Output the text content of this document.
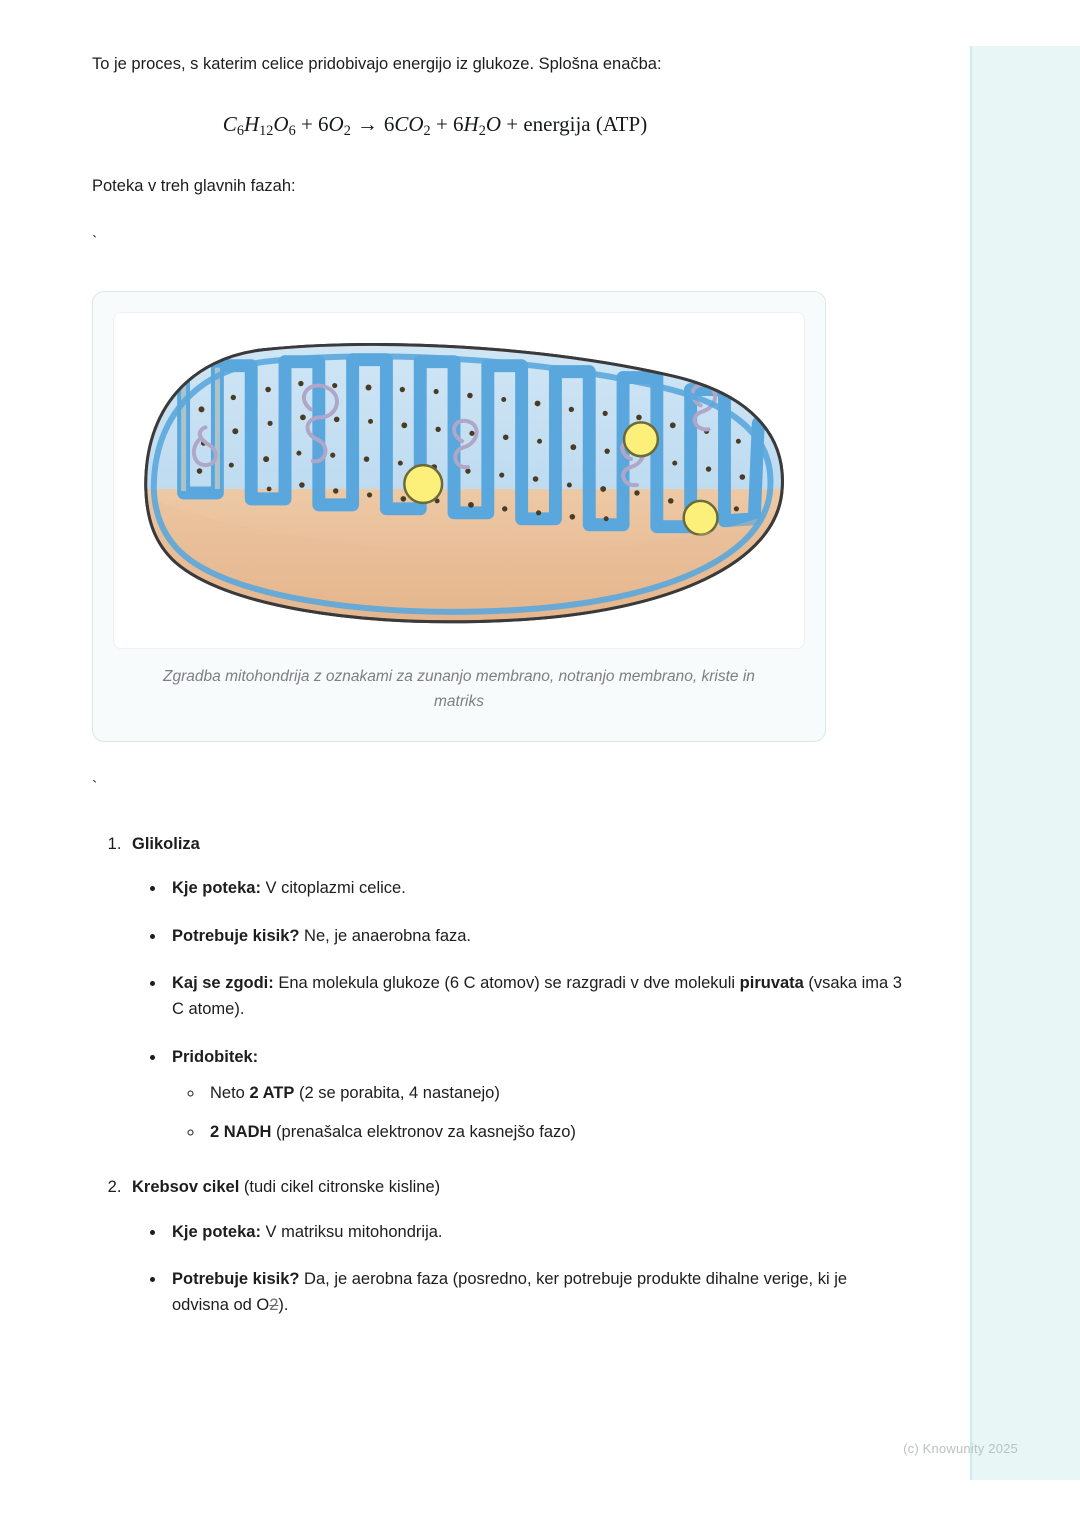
(c) Knowunity 2025

To je proces, s katerim celice pridobivajo energijo iz glukoze. Splošna enačba:

$C_6H_{12}O_6 + 6O_2 \to 6CO_2 + 6H_2O$ + energija (ATP)

Poteka v treh glavnih fazah:

`

Zgradba mitohondrija z oznakami za zunanjo membrano, notranjo membrano, kriste in matriks

`

1. Glikoliza
• Kje poteka: V citoplazmi celice.
• Potrebuje kisik? Ne, je anaerobna faza.
• Kaj se zgodi: Ena molekula glukoze (6 C atomov) se razgradi v dve molekuli piruvata (vsaka ima 3 C atome).
• Pridobitek:
◦ Neto 2 ATP (2 se porabita, 4 nastanejo)
◦ 2 NADH (prenašalca elektronov za kasnejšo fazo)
2. Krebsov cikel (tudi cikel citronske kisline)
• Kje poteka: V matriksu mitohondrija.
• Potrebuje kisik? Da, je aerobna faza (posredno, ker potrebuje produkte dihalne verige, ki je odvisna od O2).
